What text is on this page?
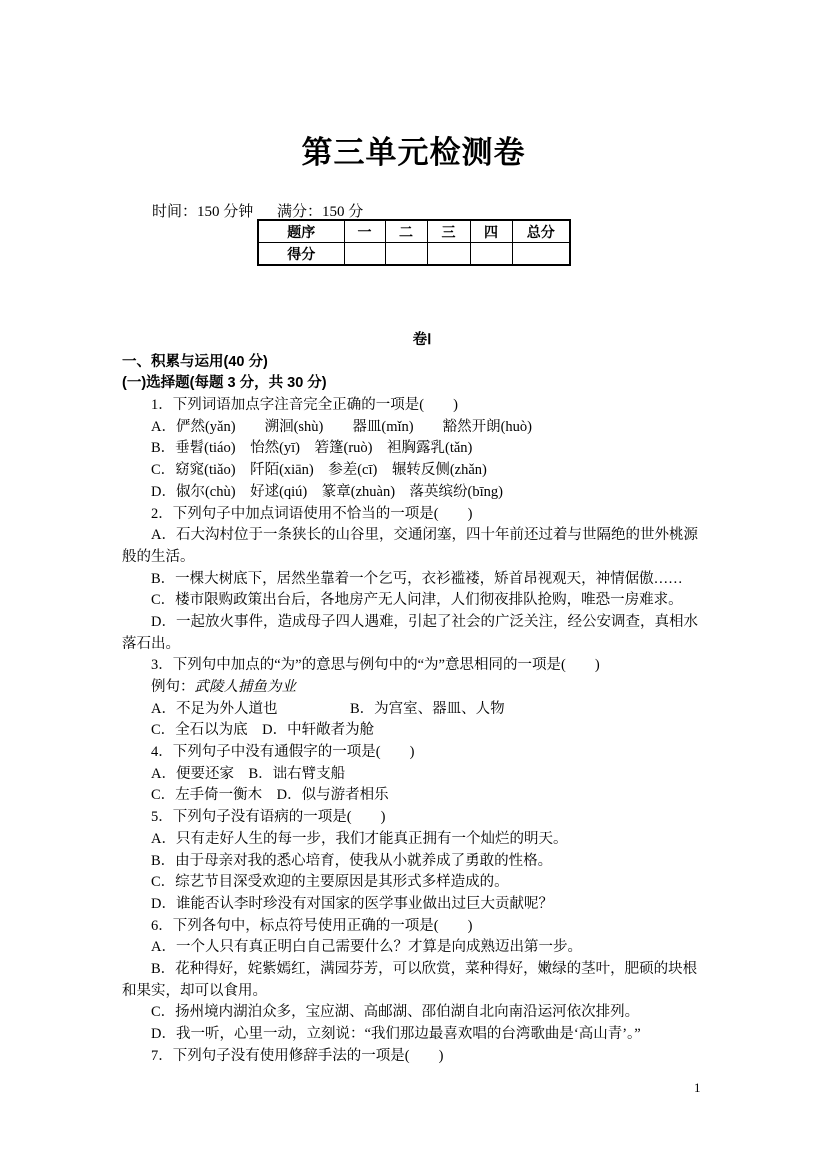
第三单元检测卷
时间：150 分钟 满分：150 分
题序	一	二	三	四	总分
得分					
卷Ⅰ
一、积累与运用(40 分)
(一)选择题(每题 3 分，共 30 分)
1．下列词语加点字注音完全正确的一项是(　　)
A．俨然(yǎn)　　溯洄(shù)　　器皿(mǐn)　　豁然开朗(huò)
B．垂髫(tiáo)　怡然(yī)　箬篷(ruò)　袒胸露乳(tǎn)
C．窈窕(tiǎo)　阡陌(xiān)　参差(cī)　辗转反侧(zhǎn)
D．俶尔(chù)　好逑(qiú)　篆章(zhuàn)　落英缤纷(bīng)
2．下列句子中加点词语使用不恰当的一项是(　　)
A．石大沟村位于一条狭长的山谷里，交通闭塞，四十年前还过着与世隔绝的世外桃源
般的生活。
B．一棵大树底下，居然坐靠着一个乞丐，衣衫褴褛，矫首昂视观天，神情倨傲……
C．楼市限购政策出台后，各地房产无人问津，人们彻夜排队抢购，唯恐一房难求。
D．一起放火事件，造成母子四人遇难，引起了社会的广泛关注，经公安调查，真相水
落石出。
3．下列句中加点的“为”的意思与例句中的“为”意思相同的一项是(　　)
例句：武陵人捕鱼为业
A．不足为外人道也　　　　　B．为宫室、器皿、人物
C．全石以为底　D．中轩敞者为舱
4．下列句子中没有通假字的一项是(　　)
A．便要还家　B．诎右臂支船
C．左手倚一衡木　D．似与游者相乐
5．下列句子没有语病的一项是(　　)
A．只有走好人生的每一步，我们才能真正拥有一个灿烂的明天。
B．由于母亲对我的悉心培育，使我从小就养成了勇敢的性格。
C．综艺节目深受欢迎的主要原因是其形式多样造成的。
D．谁能否认李时珍没有对国家的医学事业做出过巨大贡献呢？
6．下列各句中，标点符号使用正确的一项是(　　)
A．一个人只有真正明白自己需要什么？才算是向成熟迈出第一步。
B．花种得好，姹紫嫣红，满园芬芳，可以欣赏，菜种得好，嫩绿的茎叶，肥硕的块根
和果实，却可以食用。
C．扬州境内湖泊众多，宝应湖、高邮湖、邵伯湖自北向南沿运河依次排列。
D．我一听，心里一动，立刻说：“我们那边最喜欢唱的台湾歌曲是‘高山青’。”
7．下列句子没有使用修辞手法的一项是(　　)
1
